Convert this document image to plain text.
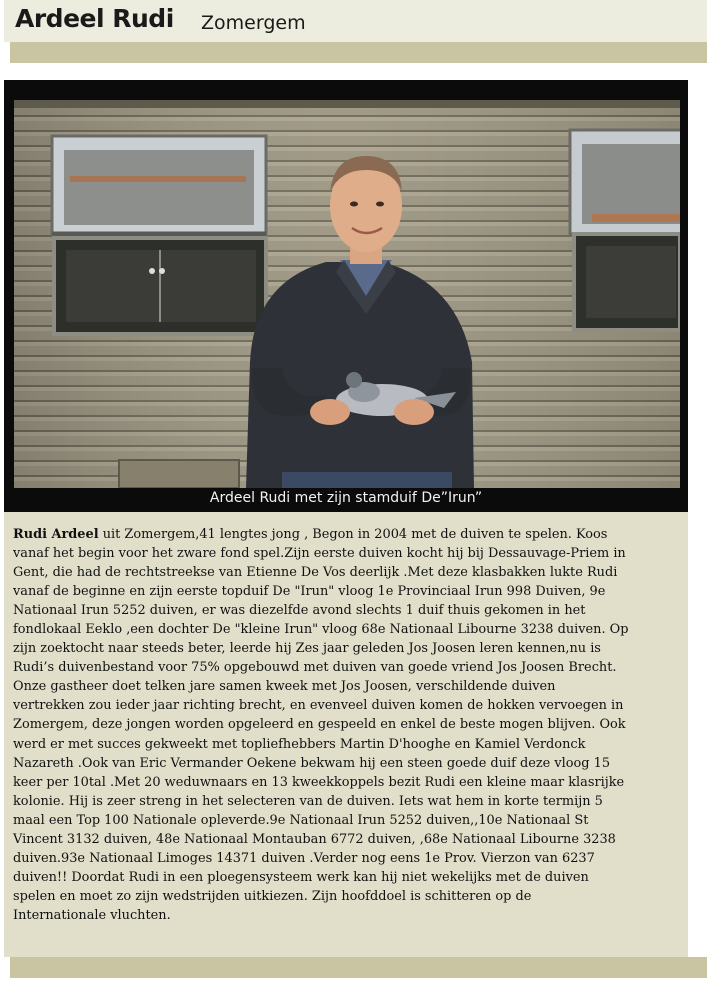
Ardeel Rudi Zomergem
Ardeel Rudi met zijn stamduif De”Irun”

Rudi Ardeel uit Zomergem,41 lengtes jong , Begon in 2004 met de duiven te spelen. Koos
vanaf het begin voor het zware fond spel.Zijn eerste duiven kocht hij bij Dessauvage-Priem in
Gent, die had de rechtstreekse van Etienne De Vos deerlijk .Met deze klasbakken lukte Rudi
vanaf de beginne en zijn eerste topduif De "Irun" vloog 1e Provinciaal Irun 998 Duiven, 9e
Nationaal Irun 5252 duiven, er was diezelfde avond slechts 1 duif thuis gekomen in het
fondlokaal Eeklo ,een dochter De "kleine Irun" vloog 68e Nationaal Libourne 3238 duiven. Op
zijn zoektocht naar steeds beter, leerde hij Zes jaar geleden Jos Joosen leren kennen,nu is
Rudi’s duivenbestand voor 75% opgebouwd met duiven van goede vriend Jos Joosen Brecht.
Onze gastheer doet telken jare samen kweek met Jos Joosen, verschildende duiven
vertrekken zou ieder jaar richting brecht, en evenveel duiven komen de hokken vervoegen in
Zomergem, deze jongen worden opgeleerd en gespeeld en enkel de beste mogen blijven. Ook
werd er met succes gekweekt met topliefhebbers Martin D'hooghe en Kamiel Verdonck
Nazareth .Ook van Eric Vermander Oekene bekwam hij een steen goede duif deze vloog 15
keer per 10tal .Met 20 weduwnaars en 13 kweekkoppels bezit Rudi een kleine maar klasrijke
kolonie. Hij is zeer streng in het selecteren van de duiven. Iets wat hem in korte termijn 5
maal een Top 100 Nationale opleverde.9e Nationaal Irun 5252 duiven,,10e Nationaal St
Vincent 3132 duiven, 48e Nationaal Montauban 6772 duiven, ,68e Nationaal Libourne 3238
duiven.93e Nationaal Limoges 14371 duiven .Verder nog eens 1e Prov. Vierzon van 6237
duiven!! Doordat Rudi in een ploegensysteem werk kan hij niet wekelijks met de duiven
spelen en moet zo zijn wedstrijden uitkiezen. Zijn hoofddoel is schitteren op de
Internationale vluchten.
